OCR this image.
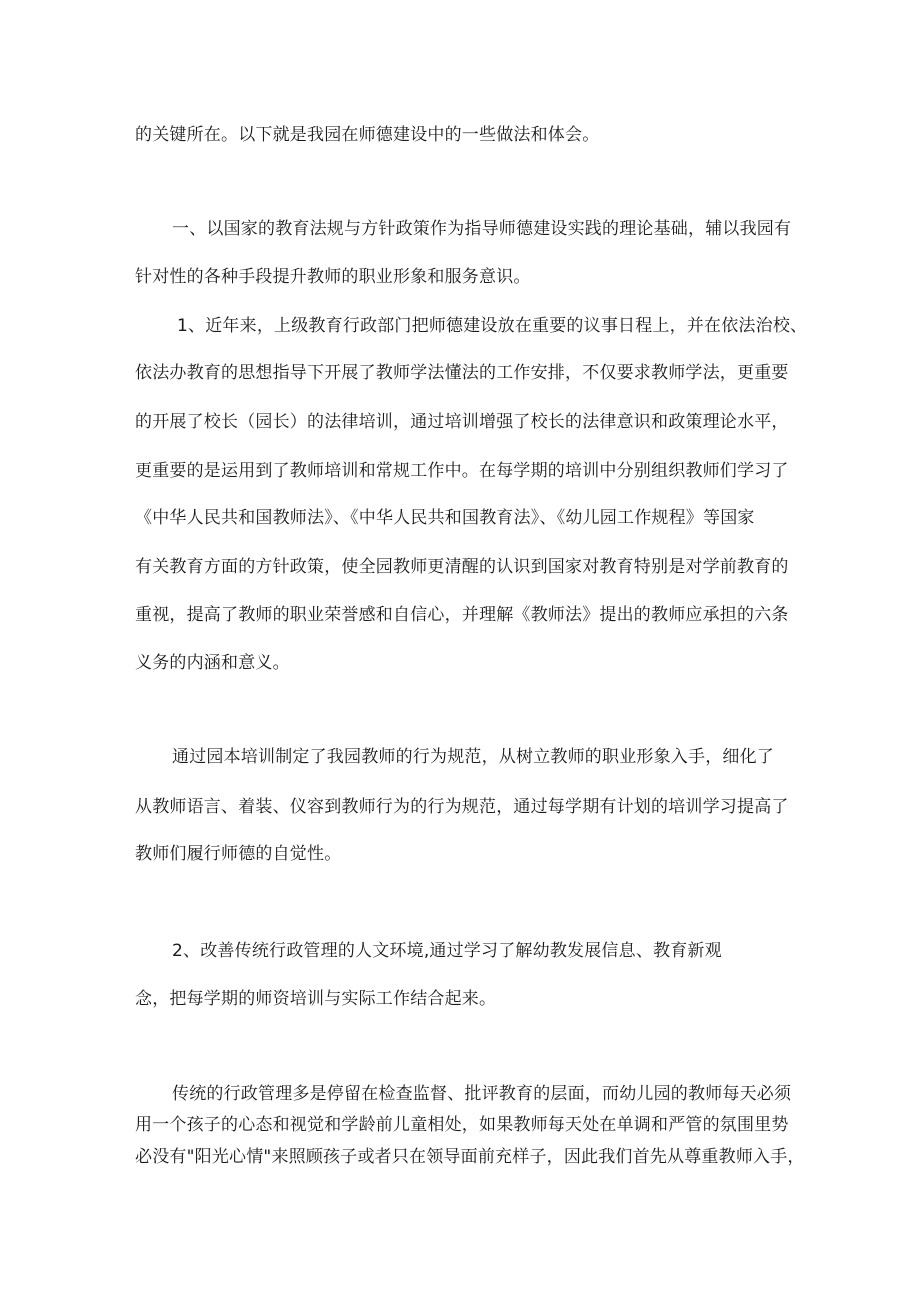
的关键所在。以下就是我园在师德建设中的一些做法和体会。
一、以国家的教育法规与方针政策作为指导师德建设实践的理论基础，辅以我园有
针对性的各种手段提升教师的职业形象和服务意识。
1、近年来，上级教育行政部门把师德建设放在重要的议事日程上，并在依法治校、
依法办教育的思想指导下开展了教师学法懂法的工作安排，不仅要求教师学法，更重要
的开展了校长（园长）的法律培训，通过培训增强了校长的法律意识和政策理论水平，
更重要的是运用到了教师培训和常规工作中。在每学期的培训中分别组织教师们学习了
《中华人民共和国教师法》、《中华人民共和国教育法》、《幼儿园工作规程》等国家
有关教育方面的方针政策，使全园教师更清醒的认识到国家对教育特别是对学前教育的
重视，提高了教师的职业荣誉感和自信心，并理解《教师法》提出的教师应承担的六条
义务的内涵和意义。
通过园本培训制定了我园教师的行为规范，从树立教师的职业形象入手，细化了
从教师语言、着装、仪容到教师行为的行为规范，通过每学期有计划的培训学习提高了
教师们履行师德的自觉性。
2、改善传统行政管理的人文环境,通过学习了解幼教发展信息、教育新观
念，把每学期的师资培训与实际工作结合起来。
传统的行政管理多是停留在检查监督、批评教育的层面，而幼儿园的教师每天必须
用一个孩子的心态和视觉和学龄前儿童相处，如果教师每天处在单调和严管的氛围里势
必没有"阳光心情"来照顾孩子或者只在领导面前充样子，因此我们首先从尊重教师入手，
